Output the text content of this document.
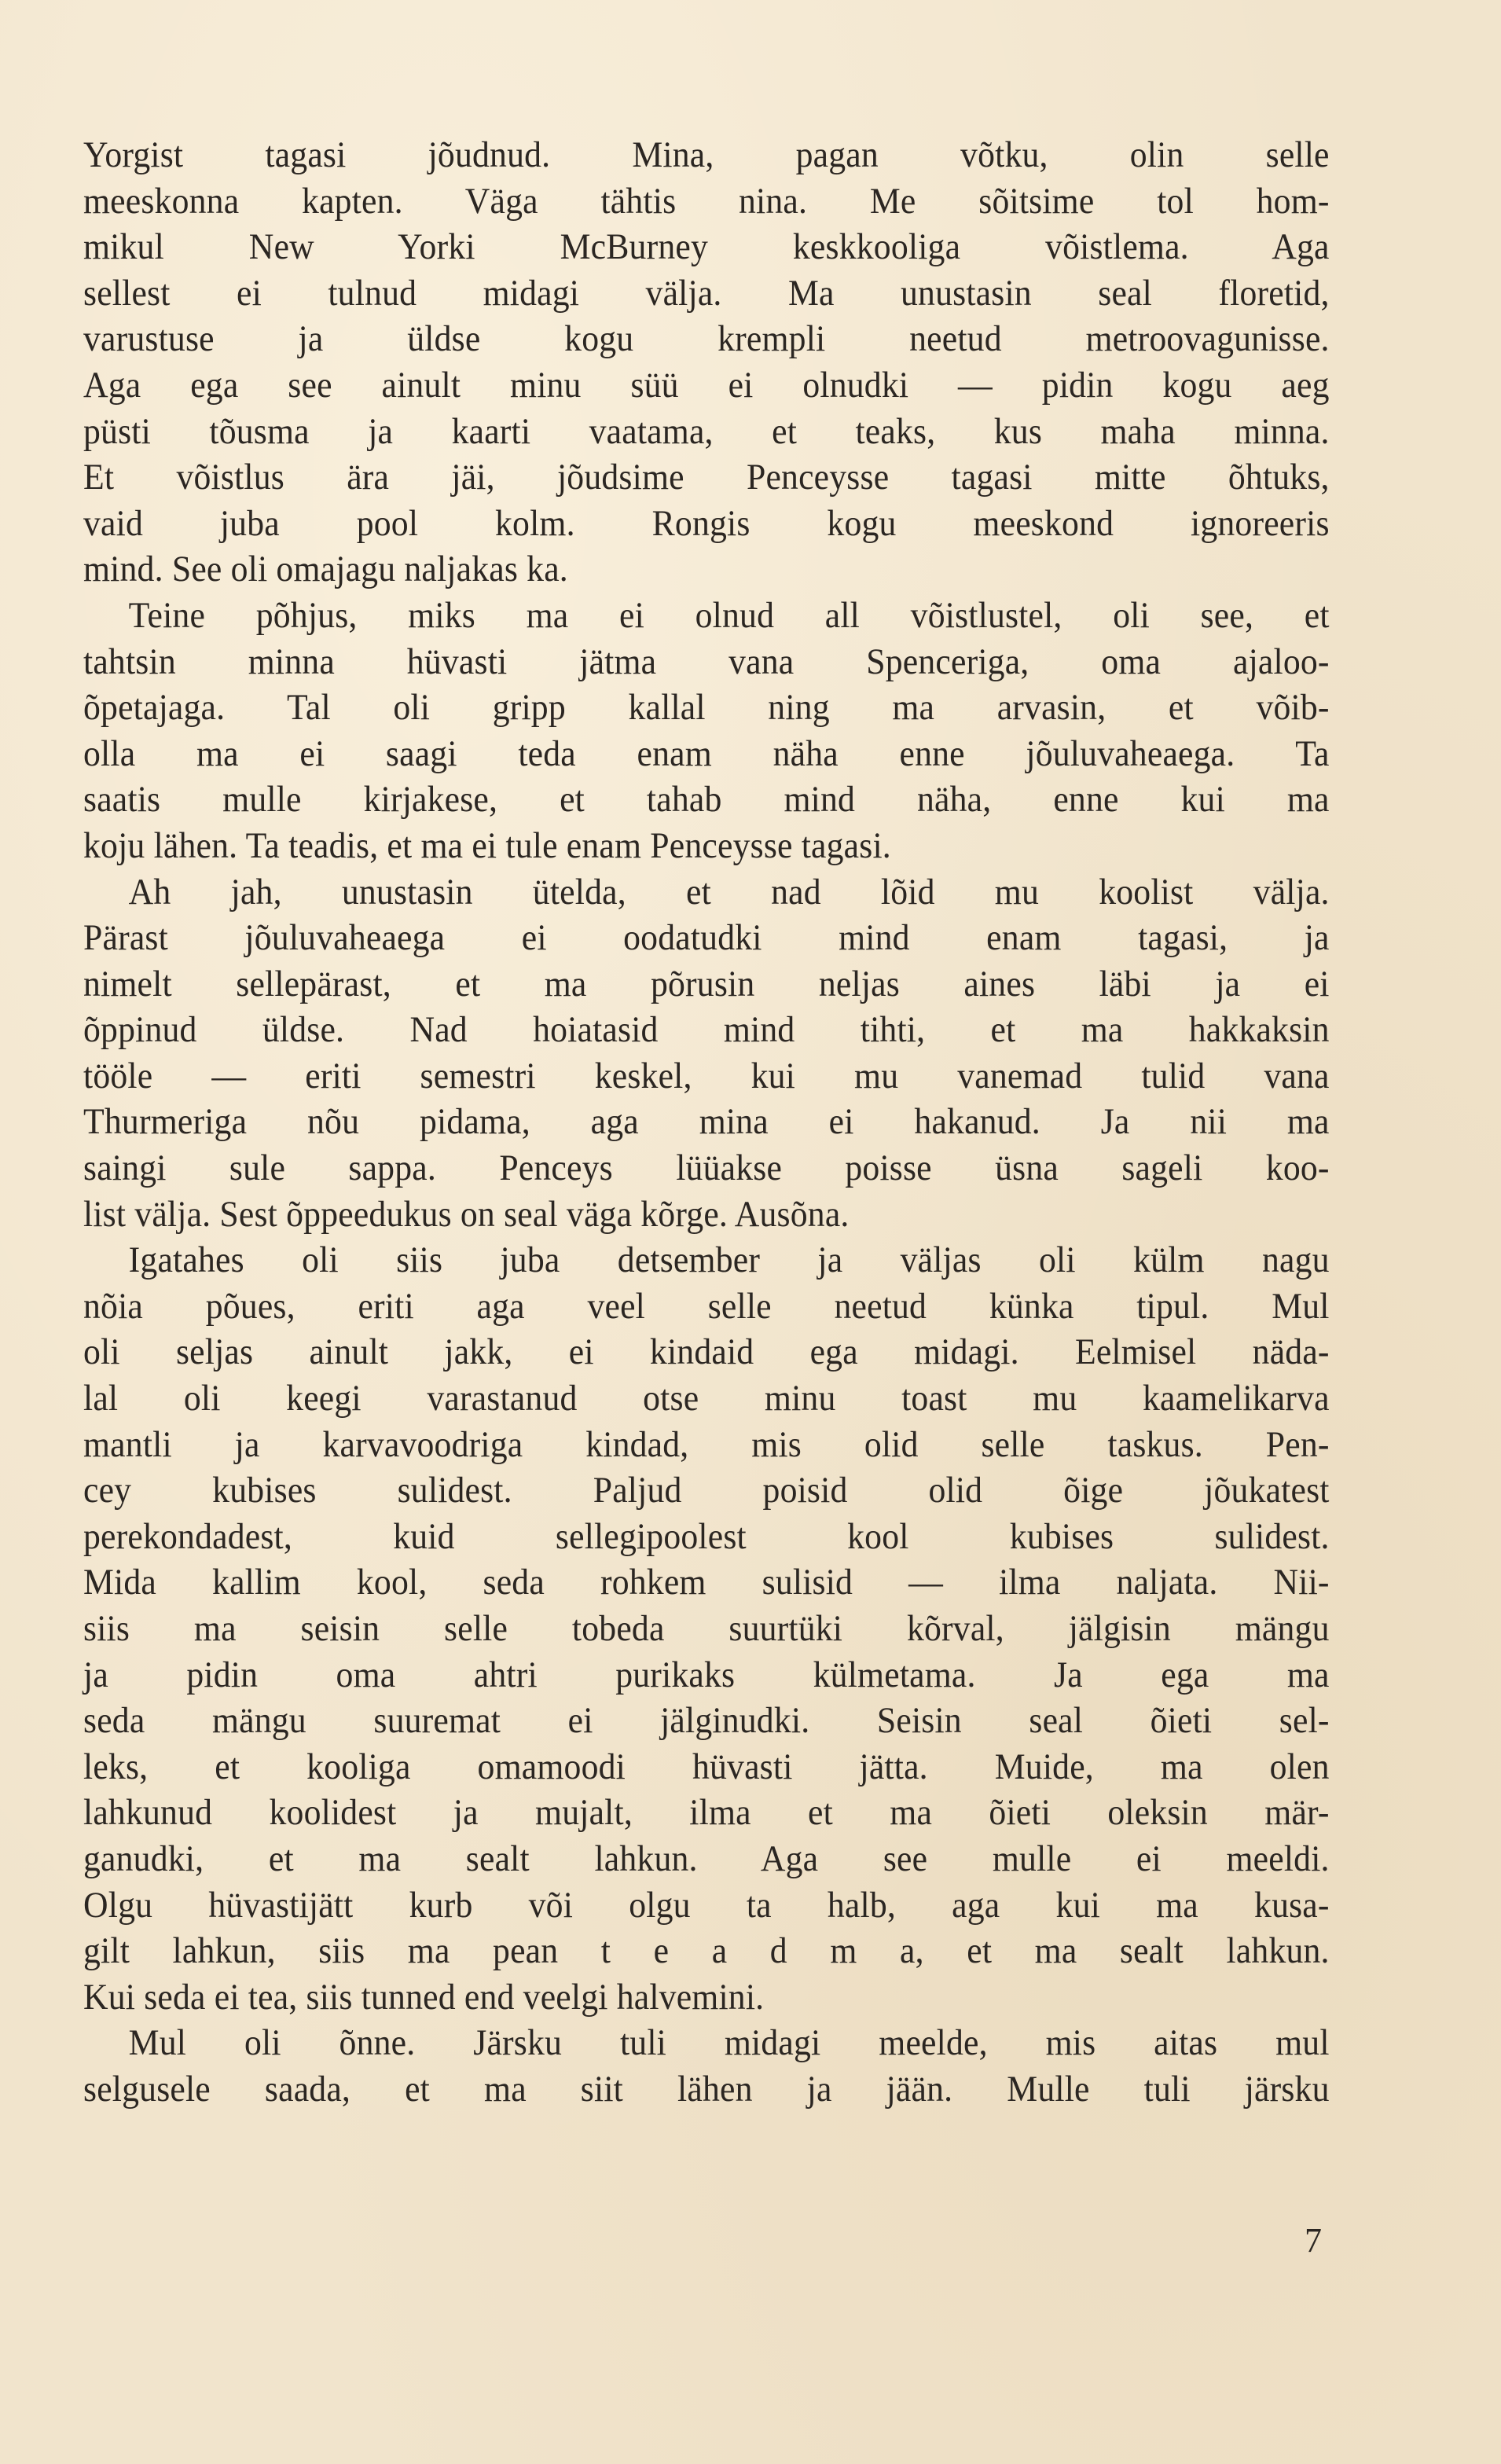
Yorgist tagasi jõudnud. Mina, pagan võtku, olin selle
meeskonna kapten. Väga tähtis nina. Me sõitsime tol hom-
mikul New Yorki McBurney keskkooliga võistlema. Aga
sellest ei tulnud midagi välja. Ma unustasin seal floretid,
varustuse ja üldse kogu krempli neetud metroovagunisse.
Aga ega see ainult minu süü ei olnudki — pidin kogu aeg
püsti tõusma ja kaarti vaatama, et teaks, kus maha minna.
Et võistlus ära jäi, jõudsime Penceysse tagasi mitte õhtuks,
vaid juba pool kolm. Rongis kogu meeskond ignoreeris
mind. See oli omajagu naljakas ka.
Teine põhjus, miks ma ei olnud all võistlustel, oli see, et
tahtsin minna hüvasti jätma vana Spenceriga, oma ajaloo-
õpetajaga. Tal oli gripp kallal ning ma arvasin, et võib-
olla ma ei saagi teda enam näha enne jõuluvaheaega. Ta
saatis mulle kirjakese, et tahab mind näha, enne kui ma
koju lähen. Ta teadis, et ma ei tule enam Penceysse tagasi.
Ah jah, unustasin ütelda, et nad lõid mu koolist välja.
Pärast jõuluvaheaega ei oodatudki mind enam tagasi, ja
nimelt sellepärast, et ma põrusin neljas aines läbi ja ei
õppinud üldse. Nad hoiatasid mind tihti, et ma hakkaksin
tööle — eriti semestri keskel, kui mu vanemad tulid vana
Thurmeriga nõu pidama, aga mina ei hakanud. Ja nii ma
saingi sule sappa. Penceys lüüakse poisse üsna sageli koo-
list välja. Sest õppeedukus on seal väga kõrge. Ausõna.
Igatahes oli siis juba detsember ja väljas oli külm nagu
nõia põues, eriti aga veel selle neetud künka tipul. Mul
oli seljas ainult jakk, ei kindaid ega midagi. Eelmisel näda-
lal oli keegi varastanud otse minu toast mu kaamelikarva
mantli ja karvavoodriga kindad, mis olid selle taskus. Pen-
cey kubises sulidest. Paljud poisid olid õige jõukatest
perekondadest, kuid sellegipoolest kool kubises sulidest.
Mida kallim kool, seda rohkem sulisid — ilma naljata. Nii-
siis ma seisin selle tobeda suurtüki kõrval, jälgisin mängu
ja pidin oma ahtri purikaks külmetama. Ja ega ma
seda mängu suuremat ei jälginudki. Seisin seal õieti sel-
leks, et kooliga omamoodi hüvasti jätta. Muide, ma olen
lahkunud koolidest ja mujalt, ilma et ma õieti oleksin mär-
ganudki, et ma sealt lahkun. Aga see mulle ei meeldi.
Olgu hüvastijätt kurb või olgu ta halb, aga kui ma kusa-
gilt lahkun, siis ma pean t e a d m a, et ma sealt lahkun.
Kui seda ei tea, siis tunned end veelgi halvemini.
Mul oli õnne. Järsku tuli midagi meelde, mis aitas mul
selgusele saada, et ma siit lähen ja jään. Mulle tuli järsku
7
